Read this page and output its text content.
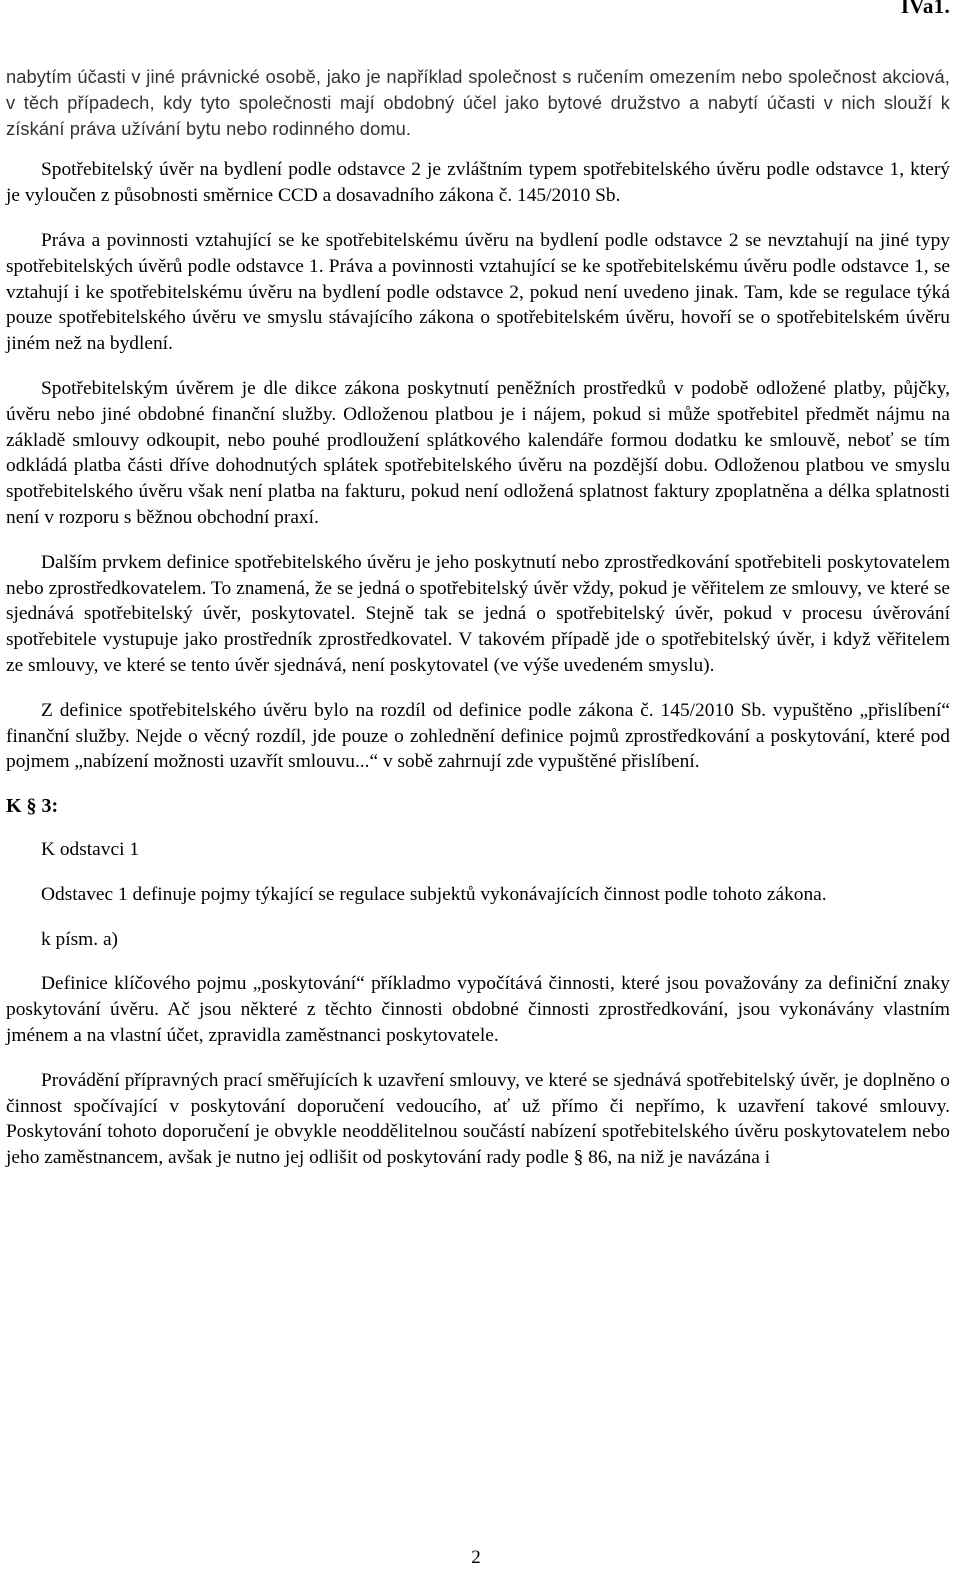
IVa1.

nabytím účasti v jiné právnické osobě, jako je například společnost s ručením omezením nebo společnost akciová, v těch případech, kdy tyto společnosti mají obdobný účel jako bytové družstvo a nabytí účasti v nich slouží k získání práva užívání bytu nebo rodinného domu.

Spotřebitelský úvěr na bydlení podle odstavce 2 je zvláštním typem spotřebitelského úvěru podle odstavce 1, který je vyloučen z působnosti směrnice CCD a dosavadního zákona č. 145/2010 Sb.

Práva a povinnosti vztahující se ke spotřebitelskému úvěru na bydlení podle odstavce 2 se nevztahují na jiné typy spotřebitelských úvěrů podle odstavce 1. Práva a povinnosti vztahující se ke spotřebitelskému úvěru podle odstavce 1, se vztahují i ke spotřebitelskému úvěru na bydlení podle odstavce 2, pokud není uvedeno jinak. Tam, kde se regulace týká pouze spotřebitelského úvěru ve smyslu stávajícího zákona o spotřebitelském úvěru, hovoří se o spotřebitelském úvěru jiném než na bydlení.

Spotřebitelským úvěrem je dle dikce zákona poskytnutí peněžních prostředků v podobě odložené platby, půjčky, úvěru nebo jiné obdobné finanční služby. Odloženou platbou je i nájem, pokud si může spotřebitel předmět nájmu na základě smlouvy odkoupit, nebo pouhé prodloužení splátkového kalendáře formou dodatku ke smlouvě, neboť se tím odkládá platba části dříve dohodnutých splátek spotřebitelského úvěru na pozdější dobu. Odloženou platbou ve smyslu spotřebitelského úvěru však není platba na fakturu, pokud není odložená splatnost faktury zpoplatněna a délka splatnosti není v rozporu s běžnou obchodní praxí.

Dalším prvkem definice spotřebitelského úvěru je jeho poskytnutí nebo zprostředkování spotřebiteli poskytovatelem nebo zprostředkovatelem. To znamená, že se jedná o spotřebitelský úvěr vždy, pokud je věřitelem ze smlouvy, ve které se sjednává spotřebitelský úvěr, poskytovatel. Stejně tak se jedná o spotřebitelský úvěr, pokud v procesu úvěrování spotřebitele vystupuje jako prostředník zprostředkovatel. V takovém případě jde o spotřebitelský úvěr, i když věřitelem ze smlouvy, ve které se tento úvěr sjednává, není poskytovatel (ve výše uvedeném smyslu).

Z definice spotřebitelského úvěru bylo na rozdíl od definice podle zákona č. 145/2010 Sb. vypuštěno „přislíbení“ finanční služby. Nejde o věcný rozdíl, jde pouze o zohlednění definice pojmů zprostředkování a poskytování, které pod pojmem „nabízení možnosti uzavřít smlouvu...“ v sobě zahrnují zde vypuštěné přislíbení.

K § 3:
K odstavci 1

Odstavec 1 definuje pojmy týkající se regulace subjektů vykonávajících činnost podle tohoto zákona.

k písm. a)

Definice klíčového pojmu „poskytování“ příkladmo vypočítává činnosti, které jsou považovány za definiční znaky poskytování úvěru. Ač jsou některé z těchto činnosti obdobné činnosti zprostředkování, jsou vykonávány vlastním jménem a na vlastní účet, zpravidla zaměstnanci poskytovatele.

Provádění přípravných prací směřujících k uzavření smlouvy, ve které se sjednává spotřebitelský úvěr, je doplněno o činnost spočívající v poskytování doporučení vedoucího, ať už přímo či nepřímo, k uzavření takové smlouvy. Poskytování tohoto doporučení je obvykle neoddělitelnou součástí nabízení spotřebitelského úvěru poskytovatelem nebo jeho zaměstnancem, avšak je nutno jej odlišit od poskytování rady podle § 86, na niž je navázána i

2
